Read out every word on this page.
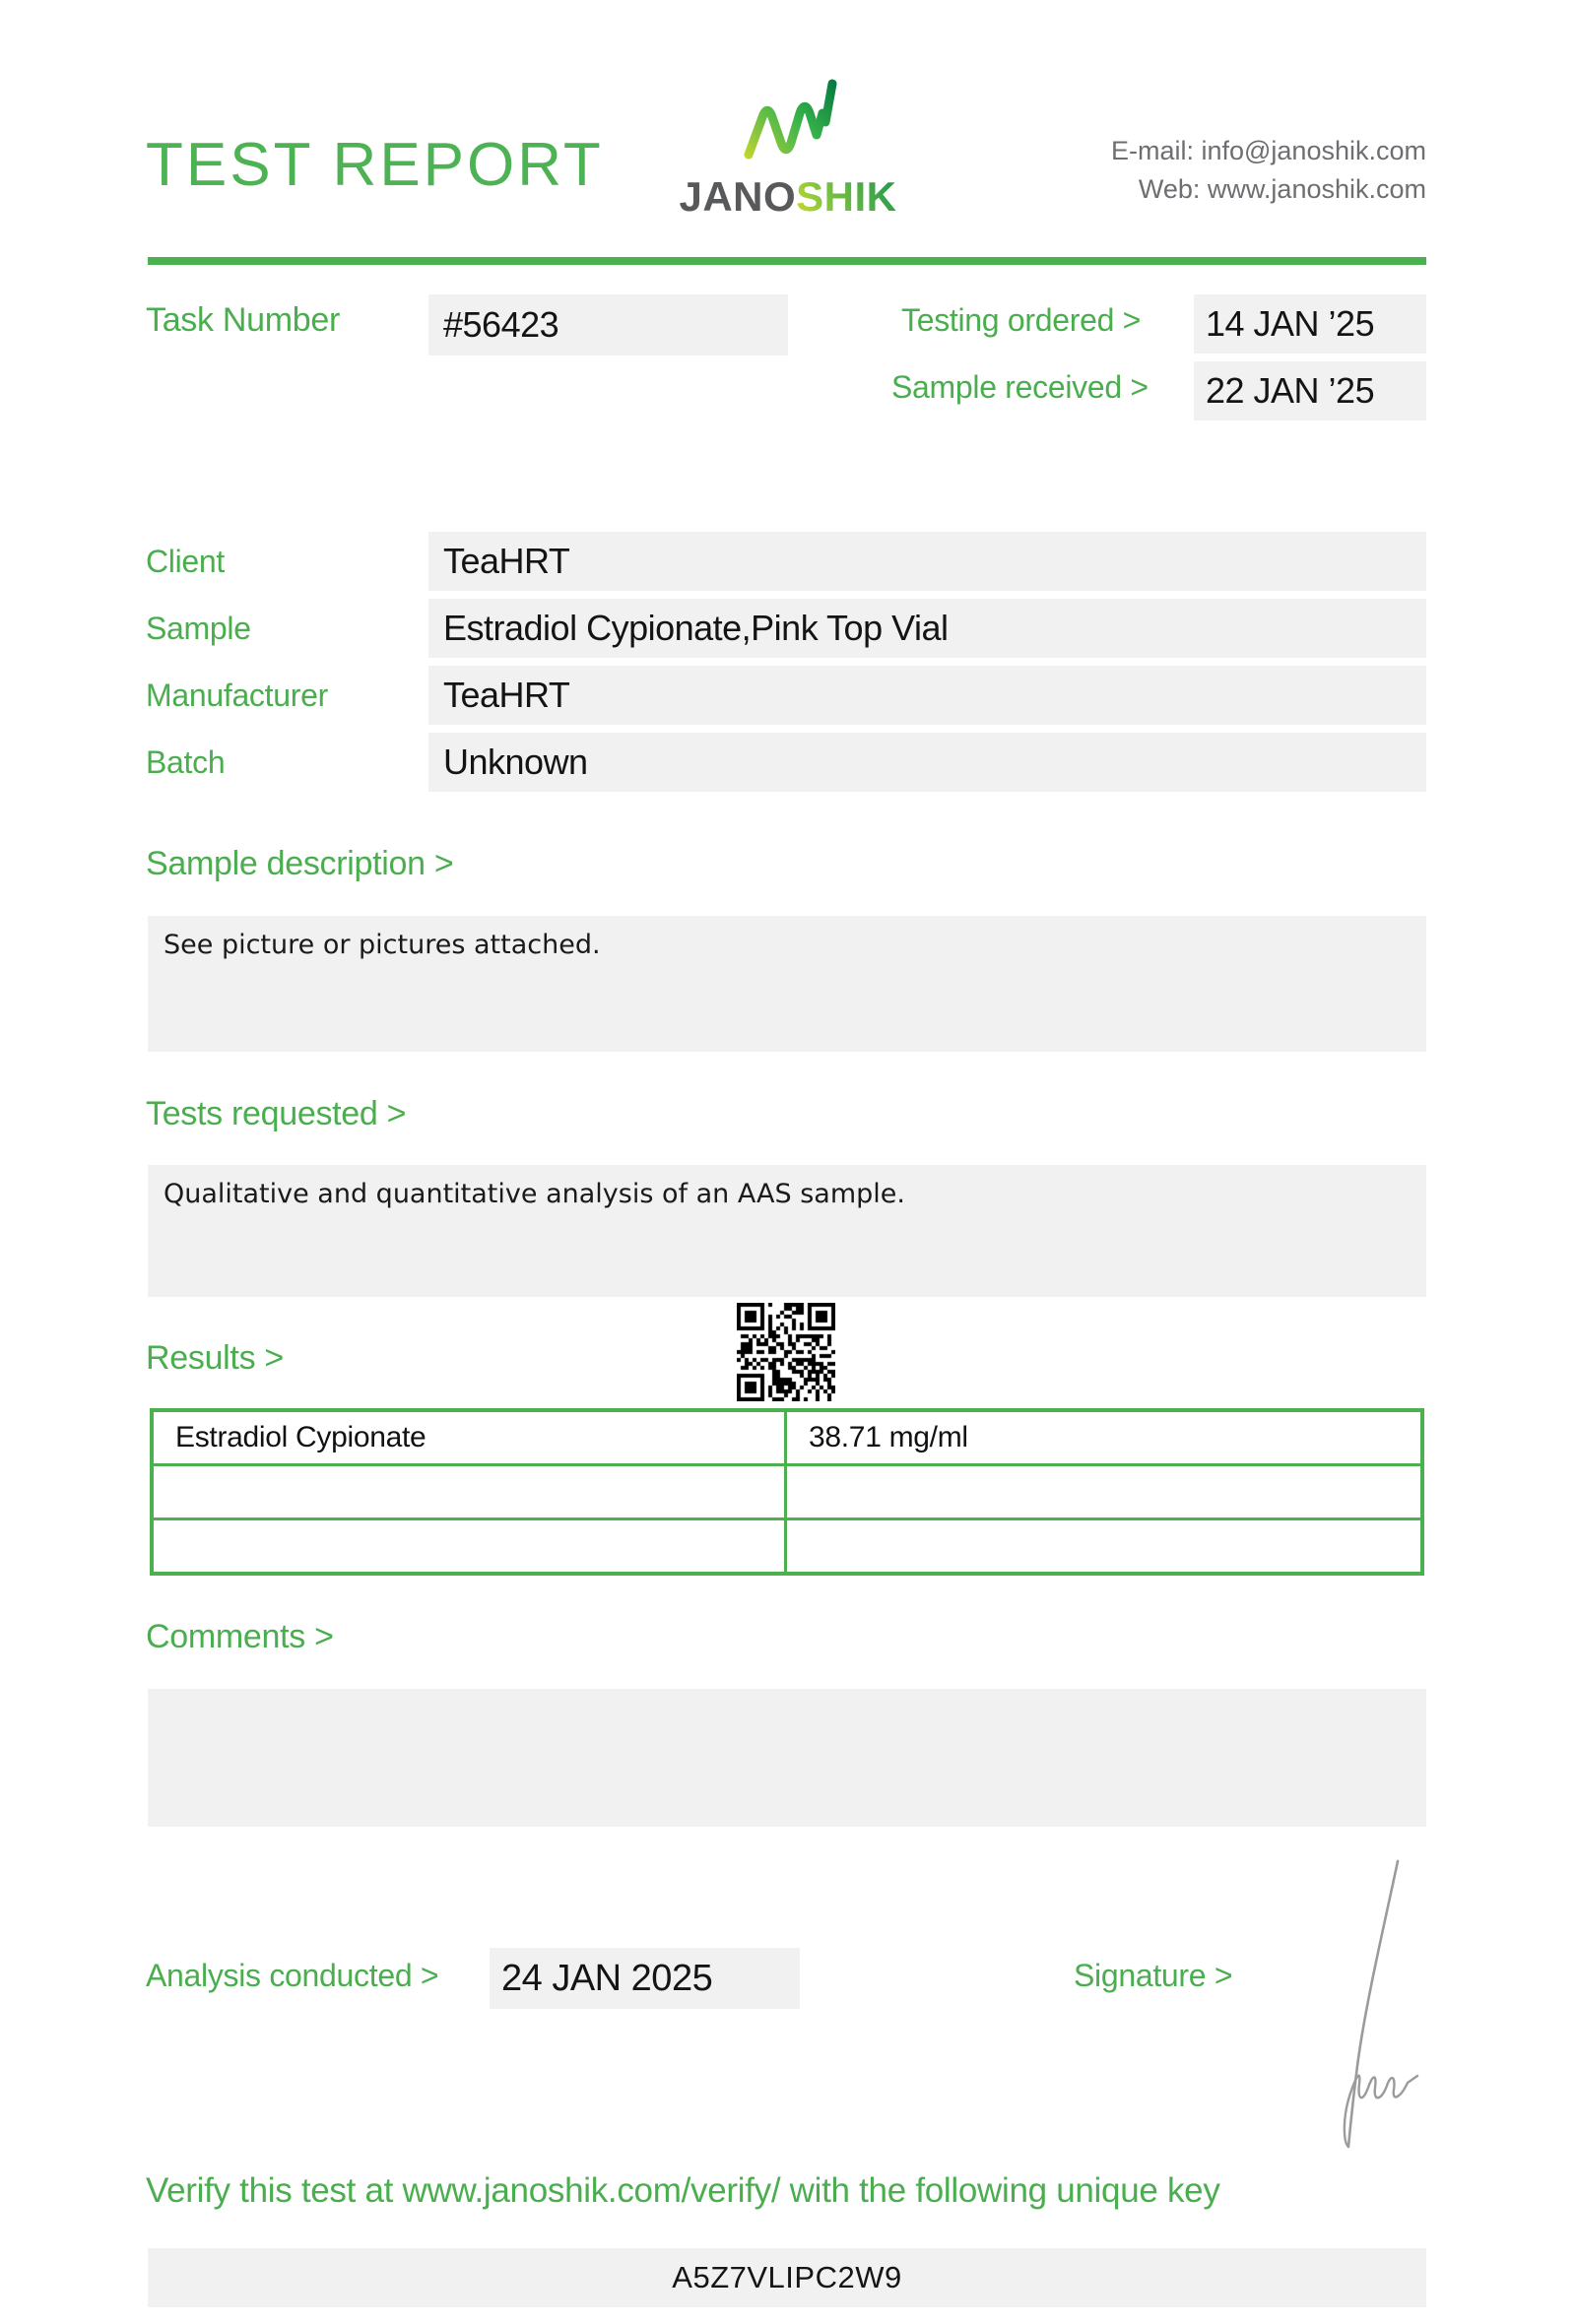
TEST REPORT JANOSHIK
E-mail: info@janoshik.com
Web: www.janoshik.com
Task Number	#56423	Testing ordered > 14 JAN ’25
Sample received > 22 JAN ’25
Client	TeaHRT
Sample	Estradiol Cypionate,Pink Top Vial
Manufacturer	TeaHRT
Batch	Unknown
Sample description >
See picture or pictures attached.
Tests requested >
Qualitative and quantitative analysis of an AAS sample.
Results >
Estradiol Cypionate	38.71 mg/ml
Comments >
Analysis conducted > 24 JAN 2025	Signature >
Verify this test at www.janoshik.com/verify/ with the following unique key
A5Z7VLIPC2W9
